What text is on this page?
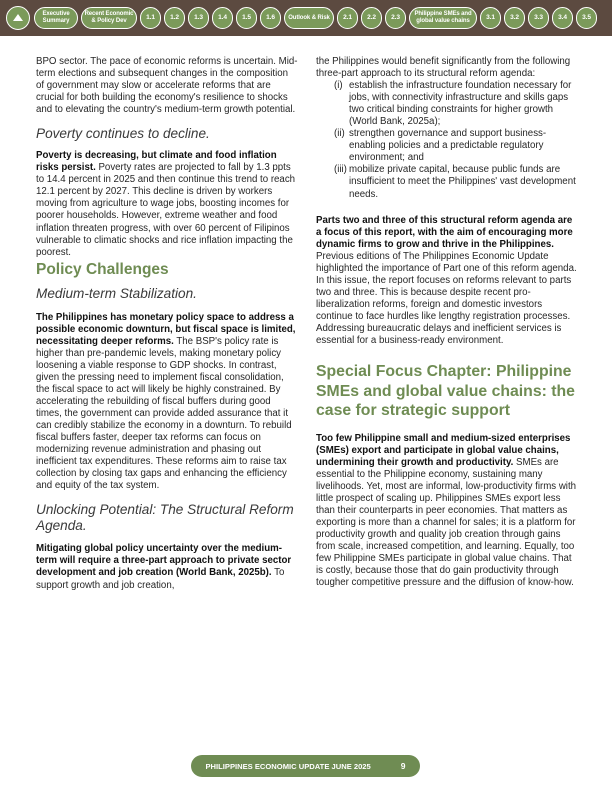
Executive
Summary
Recent Economic
& Policy Dev
1.1	1.2	1.3	1.4	1.5	1.6	Outlook & Risk	2.1	2.2	2.3	Philippine SMEs and
global value chains
3.1	3.2	3.3	3.4	3.5

BPO sector. The pace of economic reforms is uncertain. Mid-term elections and subsequent changes in the composition of government may slow or accelerate reforms that are crucial for both building the economy's resilience to shocks and to elevating the country's medium-term growth potential.

Poverty continues to decline.

Poverty is decreasing, but climate and food inflation risks persist. Poverty rates are projected to fall by 1.3 ppts to 14.4 percent in 2025 and then continue this trend to reach 12.1 percent by 2027. This decline is driven by workers moving from agriculture to wage jobs, boosting incomes for poorer households. However, extreme weather and food inflation threaten progress, with over 60 percent of Filipinos vulnerable to climatic shocks and rice inflation impacting the poorest.

Policy Challenges
Medium-term Stabilization.

The Philippines has monetary policy space to address a possible economic downturn, but fiscal space is limited, necessitating deeper reforms. The BSP's policy rate is higher than pre-pandemic levels, making monetary policy loosening a viable response to GDP shocks. In contrast, given the pressing need to implement fiscal consolidation, the fiscal space to act will likely be highly constrained. By accelerating the rebuilding of fiscal buffers during good times, the government can provide added assurance that it can credibly stabilize the economy in a downturn. To rebuild fiscal buffers faster, deeper tax reforms can focus on modernizing revenue administration and phasing out inefficient tax expenditures. These reforms aim to raise tax collection by closing tax gaps and enhancing the efficiency and equity of the tax system.

Unlocking Potential: The Structural Reform Agenda.

Mitigating global policy uncertainty over the medium-term will require a three-part approach to private sector development and job creation (World Bank, 2025b). To support growth and job creation,

the Philippines would benefit significantly from the following three-part approach to its structural reform agenda:

(i) establish the infrastructure foundation necessary for jobs, with connectivity infrastructure and skills gaps two critical binding constraints for higher growth (World Bank, 2025a);
(ii) strengthen governance and support business-enabling policies and a predictable regulatory environment; and
(iii) mobilize private capital, because public funds are insufficient to meet the Philippines' vast development needs.

Parts two and three of this structural reform agenda are a focus of this report, with the aim of encouraging more dynamic firms to grow and thrive in the Philippines. Previous editions of The Philippines Economic Update highlighted the importance of Part one of this reform agenda. In this issue, the report focuses on reforms relevant to parts two and three. This is because despite recent pro-liberalization reforms, foreign and domestic investors continue to face hurdles like lengthy registration processes. Addressing bureaucratic delays and inefficient services is essential for a business-ready environment.

Special Focus Chapter: Philippine SMEs and global value chains: the case for strategic support

Too few Philippine small and medium-sized enterprises (SMEs) export and participate in global value chains, undermining their growth and productivity. SMEs are essential to the Philippine economy, sustaining many livelihoods. Yet, most are informal, low-productivity firms with little prospect of scaling up. Philippines SMEs export less than their counterparts in peer economies. That matters as exporting is more than a channel for sales; it is a platform for productivity growth and quality job creation through gains from scale, increased competition, and learning. Equally, too few Philippine SMEs participate in global value chains. That is costly, because those that do gain productivity through tougher competitive pressure and the diffusion of know-how.

PHILIPPINES ECONOMIC UPDATE JUNE 2025	9
